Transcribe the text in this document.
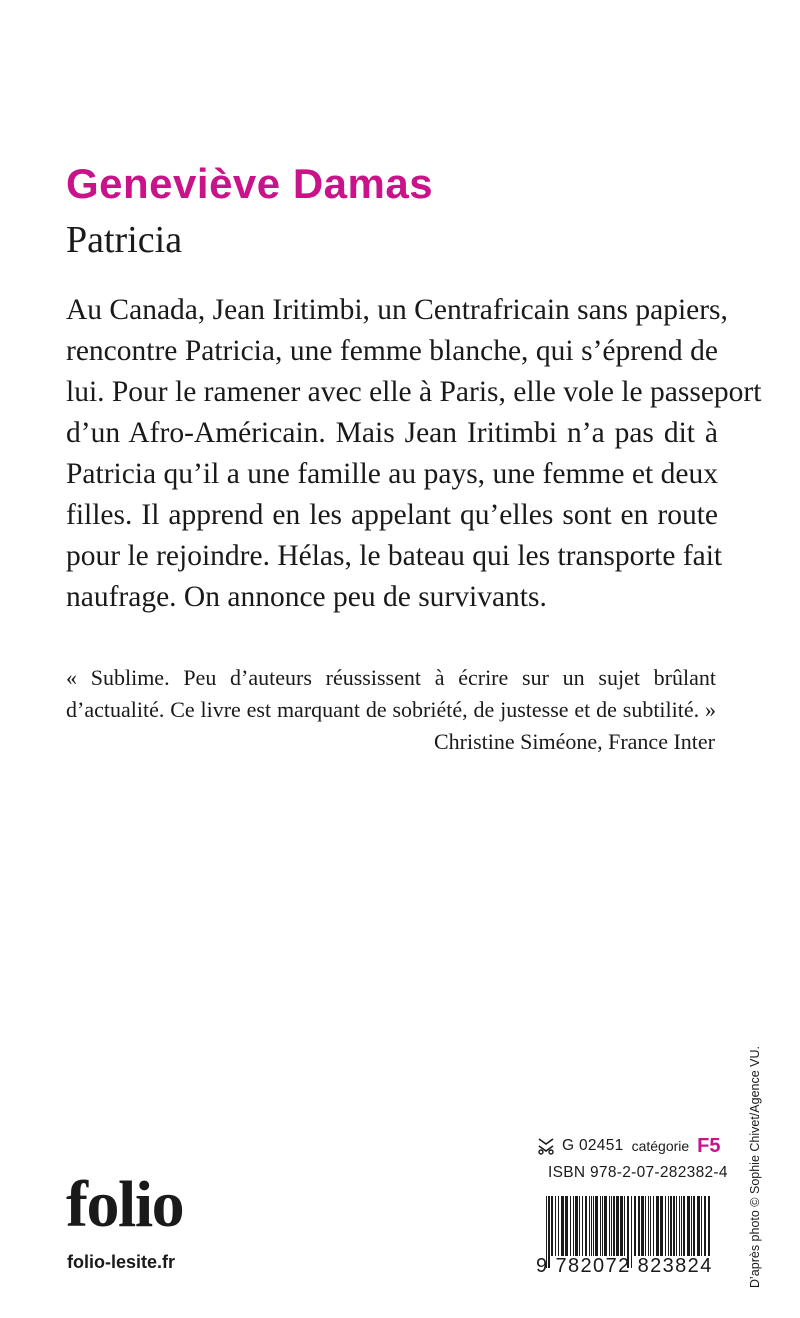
Geneviève Damas
Patricia
Au Canada, Jean Iritimbi, un Centrafricain sans papiers,
rencontre Patricia, une femme blanche, qui s’éprend de
lui. Pour le ramener avec elle à Paris, elle vole le passeport
d’un Afro-Américain. Mais Jean Iritimbi n’a pas dit à
Patricia qu’il a une famille au pays, une femme et deux
filles. Il apprend en les appelant qu’elles sont en route
pour le rejoindre. Hélas, le bateau qui les transporte fait
naufrage. On annonce peu de survivants.
« Sublime. Peu d’auteurs réussissent à écrire sur un sujet brûlant
d’actualité. Ce livre est marquant de sobriété, de justesse et de subtilité. »
Christine Siméone, France Inter
G 02451 catégorie F5
ISBN 978-2-07-282382-4
9 782072 823824
folio
folio-lesite.fr	D’après photo © Sophie Chivet/Agence VU.
